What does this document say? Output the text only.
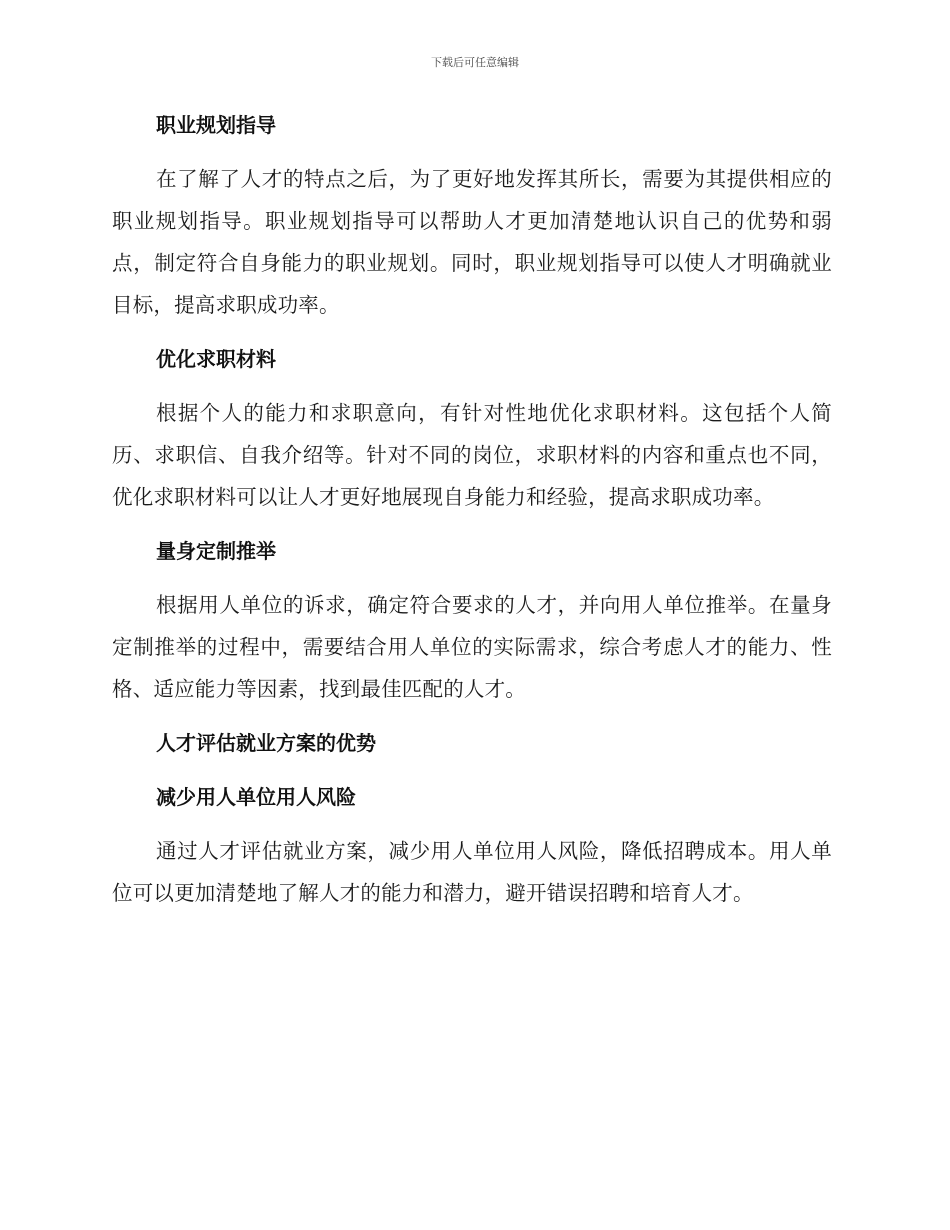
下载后可任意编辑
职业规划指导

在了解了人才的特点之后，为了更好地发挥其所长，需要为其提供相应的职业规划指导。职业规划指导可以帮助人才更加清楚地认识自己的优势和弱点，制定符合自身能力的职业规划。同时，职业规划指导可以使人才明确就业目标，提高求职成功率。

优化求职材料

根据个人的能力和求职意向，有针对性地优化求职材料。这包括个人简历、求职信、自我介绍等。针对不同的岗位，求职材料的内容和重点也不同，优化求职材料可以让人才更好地展现自身能力和经验，提高求职成功率。

量身定制推举

根据用人单位的诉求，确定符合要求的人才，并向用人单位推举。在量身定制推举的过程中，需要结合用人单位的实际需求，综合考虑人才的能力、性格、适应能力等因素，找到最佳匹配的人才。

人才评估就业方案的优势
减少用人单位用人风险

通过人才评估就业方案，减少用人单位用人风险，降低招聘成本。用人单位可以更加清楚地了解人才的能力和潜力，避开错误招聘和培育人才。
